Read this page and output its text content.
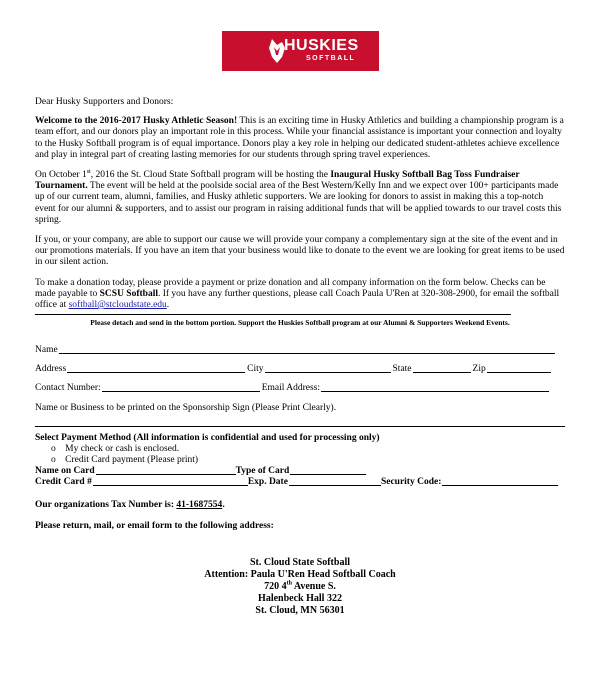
HUSKIES
SOFTBALL

Dear Husky Supporters and Donors:

Welcome to the 2016-2017 Husky Athletic Season! This is an exciting time in Husky Athletics and building a championship program is a team effort, and our donors play an important role in this process. While your financial assistance is important your connection and loyalty to the Husky Softball program is of equal importance. Donors play a key role in helping our dedicated student-athletes achieve excellence and play in integral part of creating lasting memories for our students through spring travel experiences.

On October 1st, 2016 the St. Cloud State Softball program will be hosting the Inaugural Husky Softball Bag Toss Fundraiser Tournament. The event will be held at the poolside social area of the Best Western/Kelly Inn and we expect over 100+ participants made up of our current team, alumni, families, and Husky athletic supporters. We are looking for donors to assist in making this a top-notch event for our alumni & supporters, and to assist our program in raising additional funds that will be applied towards to our travel costs this spring.

If you, or your company, are able to support our cause we will provide your company a complementary sign at the site of the event and in our promotions materials. If you have an item that your business would like to donate to the event we are looking for great items to be used in our silent action.

To make a donation today, please provide a payment or prize donation and all company information on the form below. Checks can be made payable to SCSU Softball. If you have any further questions, please call Coach Paula U'Ren at 320-308-2900, for email the softball office at softball@stcloudstate.edu.

Please detach and send in the bottom portion. Support the Huskies Softball program at our Alumni & Supporters Weekend Events.
Name
Address	City	State	Zip
Contact Number:	Email Address:
Name or Business to be printed on the Sponsorship Sign (Please Print Clearly).
Select Payment Method (All information is confidential and used for processing only)
o My check or cash is enclosed.
o Credit Card payment (Please print)
Name on Card	Type of Card
Credit Card #	Exp. Date	Security Code:

Our organizations Tax Number is: 41-1687554.

Please return, mail, or email form to the following address:

St. Cloud State Softball
Attention: Paula U'Ren Head Softball Coach
720 4th Avenue S.
Halenbeck Hall 322
St. Cloud, MN 56301
